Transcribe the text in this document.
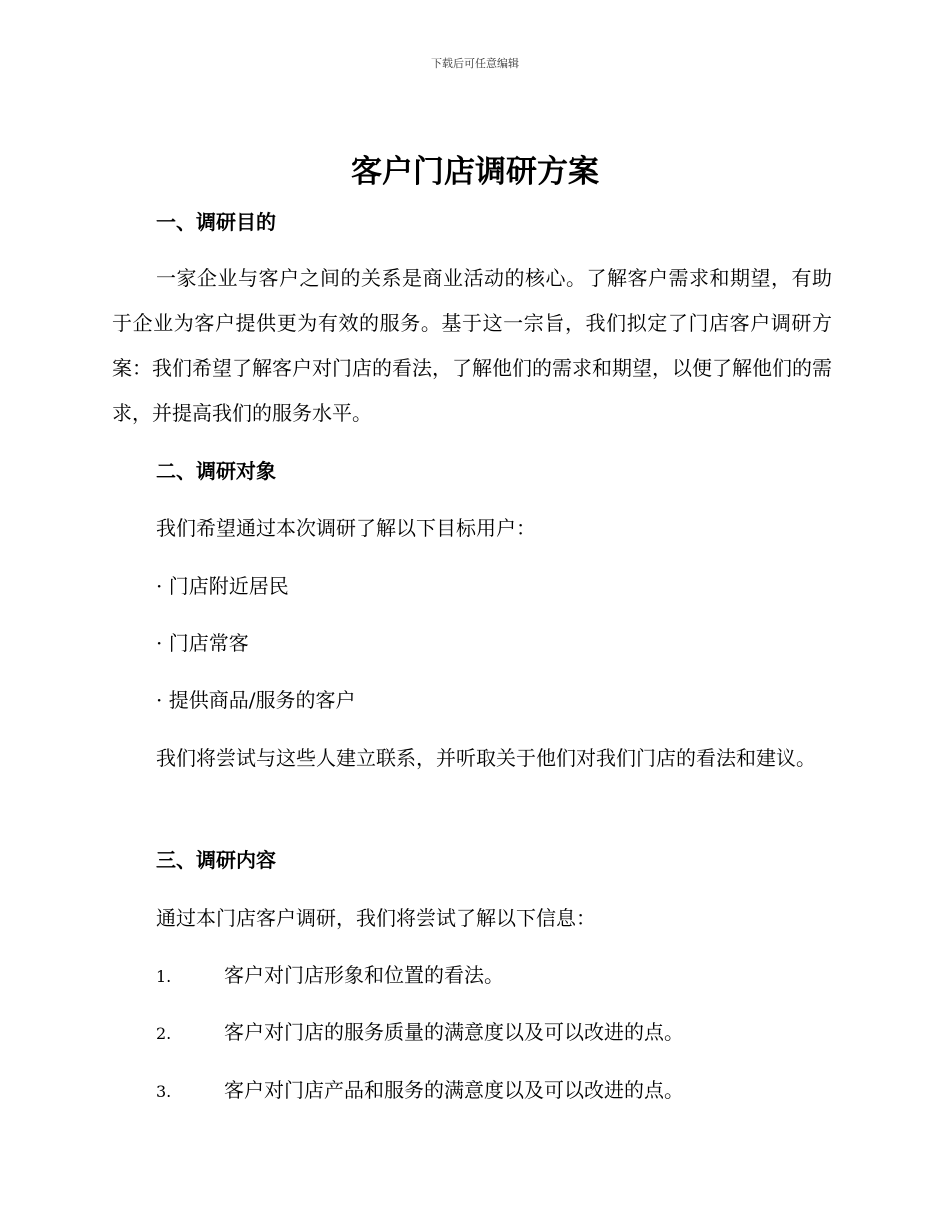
下载后可任意编辑
客户门店调研方案
一、调研目的

一家企业与客户之间的关系是商业活动的核心。了解客户需求和期望，有助于企业为客户提供更为有效的服务。基于这一宗旨，我们拟定了门店客户调研方案：我们希望了解客户对门店的看法，了解他们的需求和期望，以便了解他们的需求，并提高我们的服务水平。

二、调研对象

我们希望通过本次调研了解以下目标用户：

· 门店附近居民

· 门店常客

· 提供商品/服务的客户

我们将尝试与这些人建立联系，并听取关于他们对我们门店的看法和建议。

三、调研内容

通过本门店客户调研，我们将尝试了解以下信息：

1.	客户对门店形象和位置的看法。
2.	客户对门店的服务质量的满意度以及可以改进的点。
3.	客户对门店产品和服务的满意度以及可以改进的点。
